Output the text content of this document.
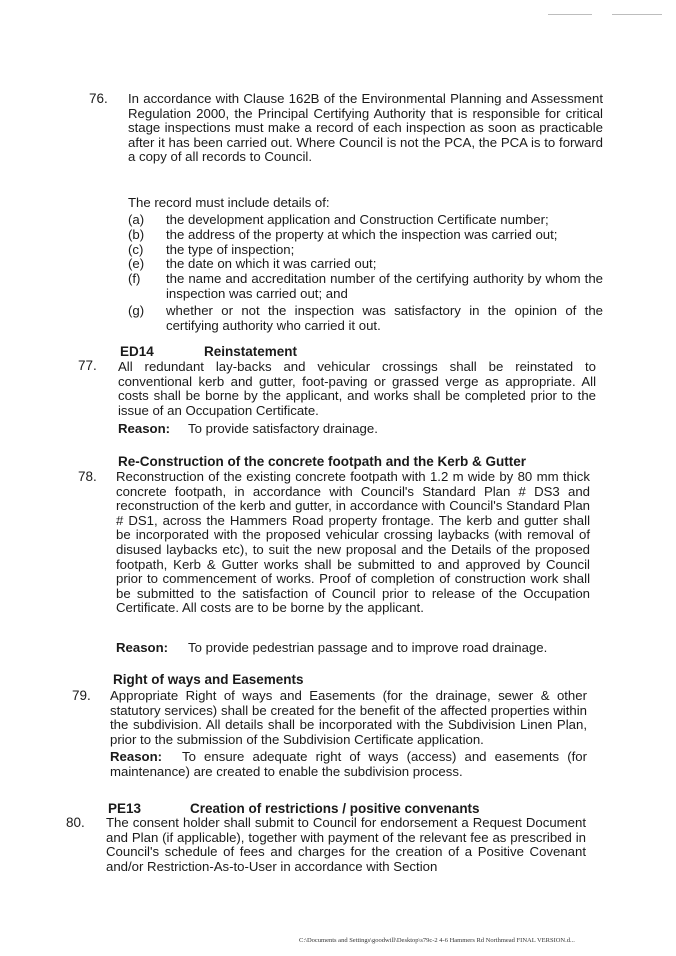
76. In accordance with Clause 162B of the Environmental Planning and Assessment Regulation 2000, the Principal Certifying Authority that is responsible for critical stage inspections must make a record of each inspection as soon as practicable after it has been carried out. Where Council is not the PCA, the PCA is to forward a copy of all records to Council.
The record must include details of:
(a)	the development application and Construction Certificate number;
(b)	the address of the property at which the inspection was carried out;
(c)	the type of inspection;
(e)	the date on which it was carried out;
(f)	the name and accreditation number of the certifying authority by whom the inspection was carried out; and
(g)	whether or not the inspection was satisfactory in the opinion of the certifying authority who carried it out.
ED14	Reinstatement
77. All redundant lay-backs and vehicular crossings shall be reinstated to conventional kerb and gutter, foot-paving or grassed verge as appropriate. All costs shall be borne by the applicant, and works shall be completed prior to the issue of an Occupation Certificate.
Reason: To provide satisfactory drainage.
Re-Construction of the concrete footpath and the Kerb & Gutter
78. Reconstruction of the existing concrete footpath with 1.2 m wide by 80 mm thick concrete footpath, in accordance with Council's Standard Plan # DS3 and reconstruction of the kerb and gutter, in accordance with Council's Standard Plan # DS1, across the Hammers Road property frontage. The kerb and gutter shall be incorporated with the proposed vehicular crossing laybacks (with removal of disused laybacks etc), to suit the new proposal and the Details of the proposed footpath, Kerb & Gutter works shall be submitted to and approved by Council prior to commencement of works. Proof of completion of construction work shall be submitted to the satisfaction of Council prior to release of the Occupation Certificate. All costs are to be borne by the applicant.
Reason: To provide pedestrian passage and to improve road drainage.
Right of ways and Easements
79. Appropriate Right of ways and Easements (for the drainage, sewer & other statutory services) shall be created for the benefit of the affected properties within the subdivision. All details shall be incorporated with the Subdivision Linen Plan, prior to the submission of the Subdivision Certificate application.
Reason: To ensure adequate right of ways (access) and easements (for maintenance) are created to enable the subdivision process.
PE13	Creation of restrictions / positive convenants
80. The consent holder shall submit to Council for endorsement a Request Document and Plan (if applicable), together with payment of the relevant fee as prescribed in Council's schedule of fees and charges for the creation of a Positive Covenant and/or Restriction-As-to-User in accordance with Section
C:\Documents and Settings\goodwill\Desktop\s79c-2 4-6 Hammers Rd Northmead FINAL VERSION.d...
